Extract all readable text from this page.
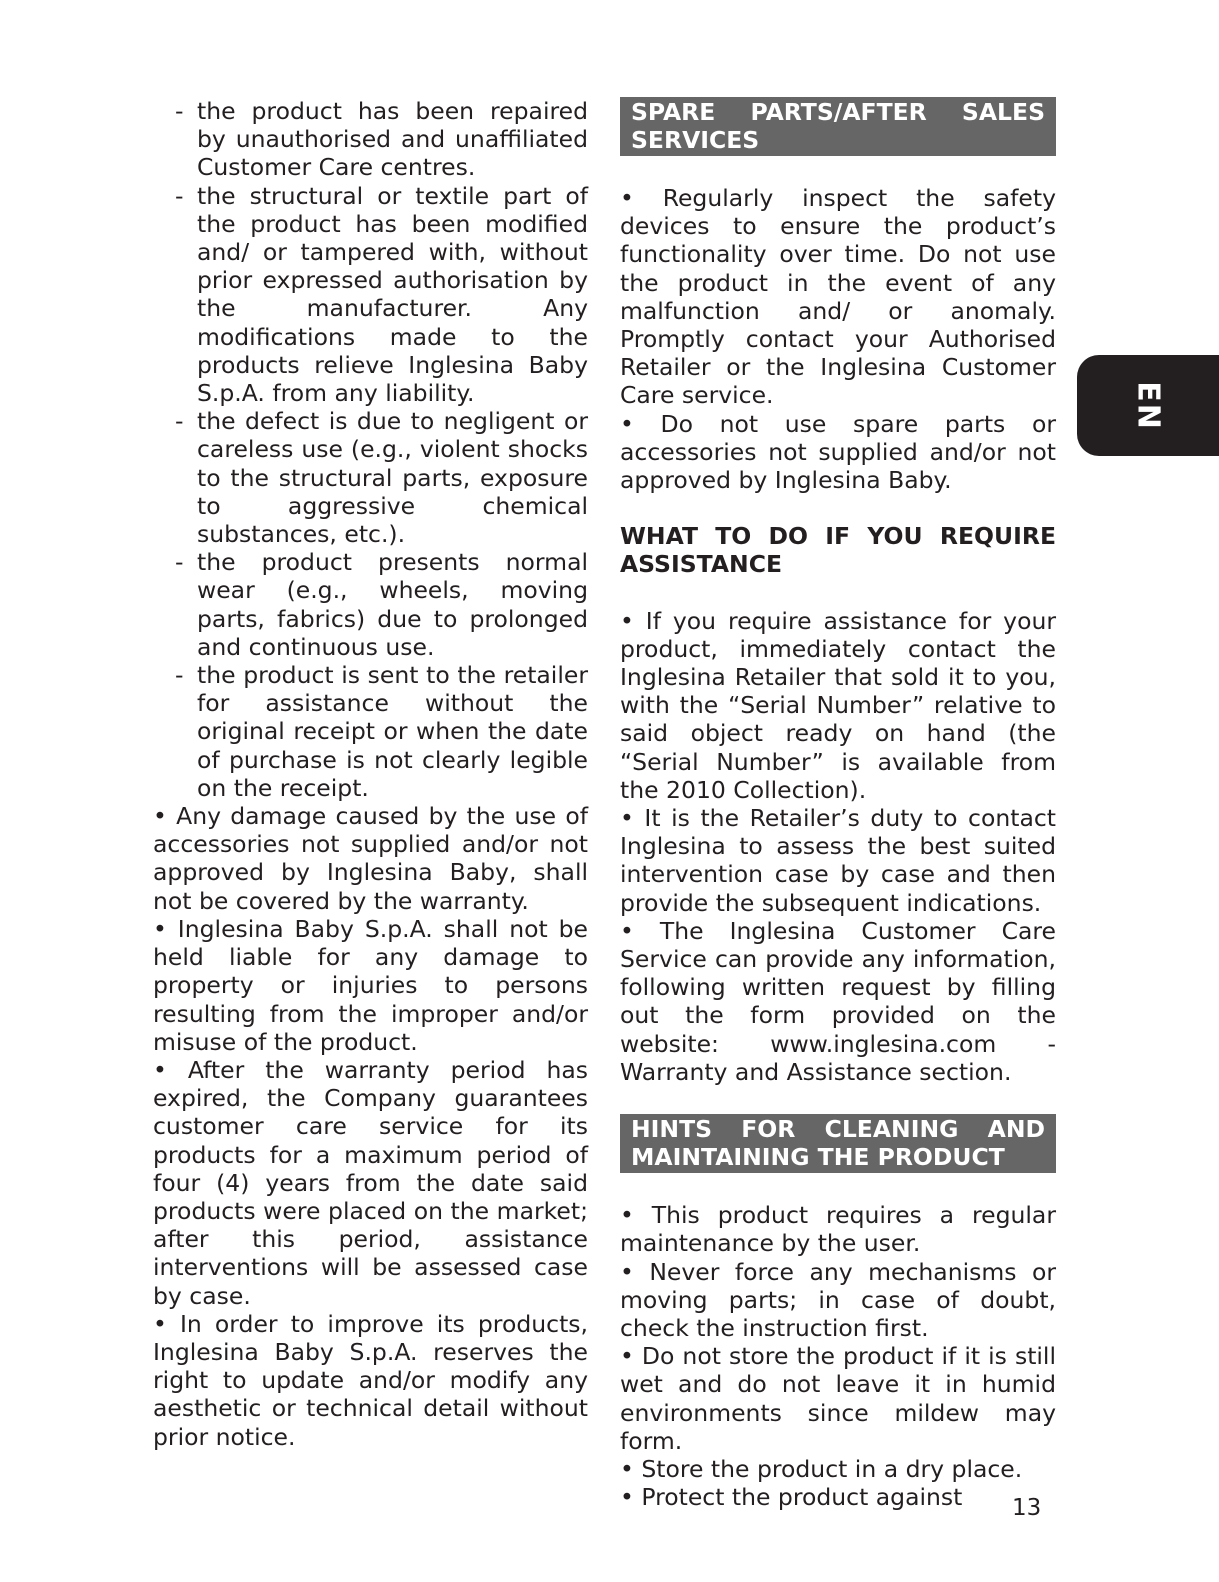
- the product has been repaired by unauthorised and unaffiliated Customer Care centres.
- the structural or textile part of the product has been modified and/ or tampered with, without prior expressed authorisation by the manufacturer. Any modifications made to the products relieve Inglesina Baby S.p.A. from any liability.
- the defect is due to negligent or careless use (e.g., violent shocks to the structural parts, exposure to aggressive chemical substances, etc.).
- the product presents normal wear (e.g., wheels, moving parts, fabrics) due to prolonged and continuous use.
- the product is sent to the retailer for assistance without the original receipt or when the date of purchase is not clearly legible on the receipt.

• Any damage caused by the use of accessories not supplied and/or not approved by Inglesina Baby, shall not be covered by the warranty.

• Inglesina Baby S.p.A. shall not be held liable for any damage to property or injuries to persons resulting from the improper and/or misuse of the product.

• After the warranty period has expired, the Company guarantees customer care service for its products for a maximum period of four (4) years from the date said products were placed on the market; after this period, assistance interventions will be assessed case by case.

• In order to improve its products, Inglesina Baby S.p.A. reserves the right to update and/or modify any aesthetic or technical detail without prior notice.

SPARE PARTS/AFTER SALES SERVICES

• Regularly inspect the safety devices to ensure the product’s functionality over time. Do not use the product in the event of any malfunction and/ or anomaly. Promptly contact your Authorised Retailer or the Inglesina Customer Care service.

• Do not use spare parts or accessories not supplied and/or not approved by Inglesina Baby.

WHAT TO DO IF YOU REQUIRE ASSISTANCE

• If you require assistance for your product, immediately contact the Inglesina Retailer that sold it to you, with the “Serial Number” relative to said object ready on hand (the “Serial Number” is available from the 2010 Collection).

• It is the Retailer’s duty to contact Inglesina to assess the best suited intervention case by case and then provide the subsequent indications.

• The Inglesina Customer Care Service can provide any information, following written request by filling out the form provided on the website: www.inglesina.com - Warranty and Assistance section.

HINTS FOR CLEANING AND MAINTAINING THE PRODUCT

• This product requires a regular maintenance by the user.

• Never force any mechanisms or moving parts; in case of doubt, check the instruction first.

• Do not store the product if it is still wet and do not leave it in humid environments since mildew may form.

• Store the product in a dry place.

• Protect the product against

EN
13
